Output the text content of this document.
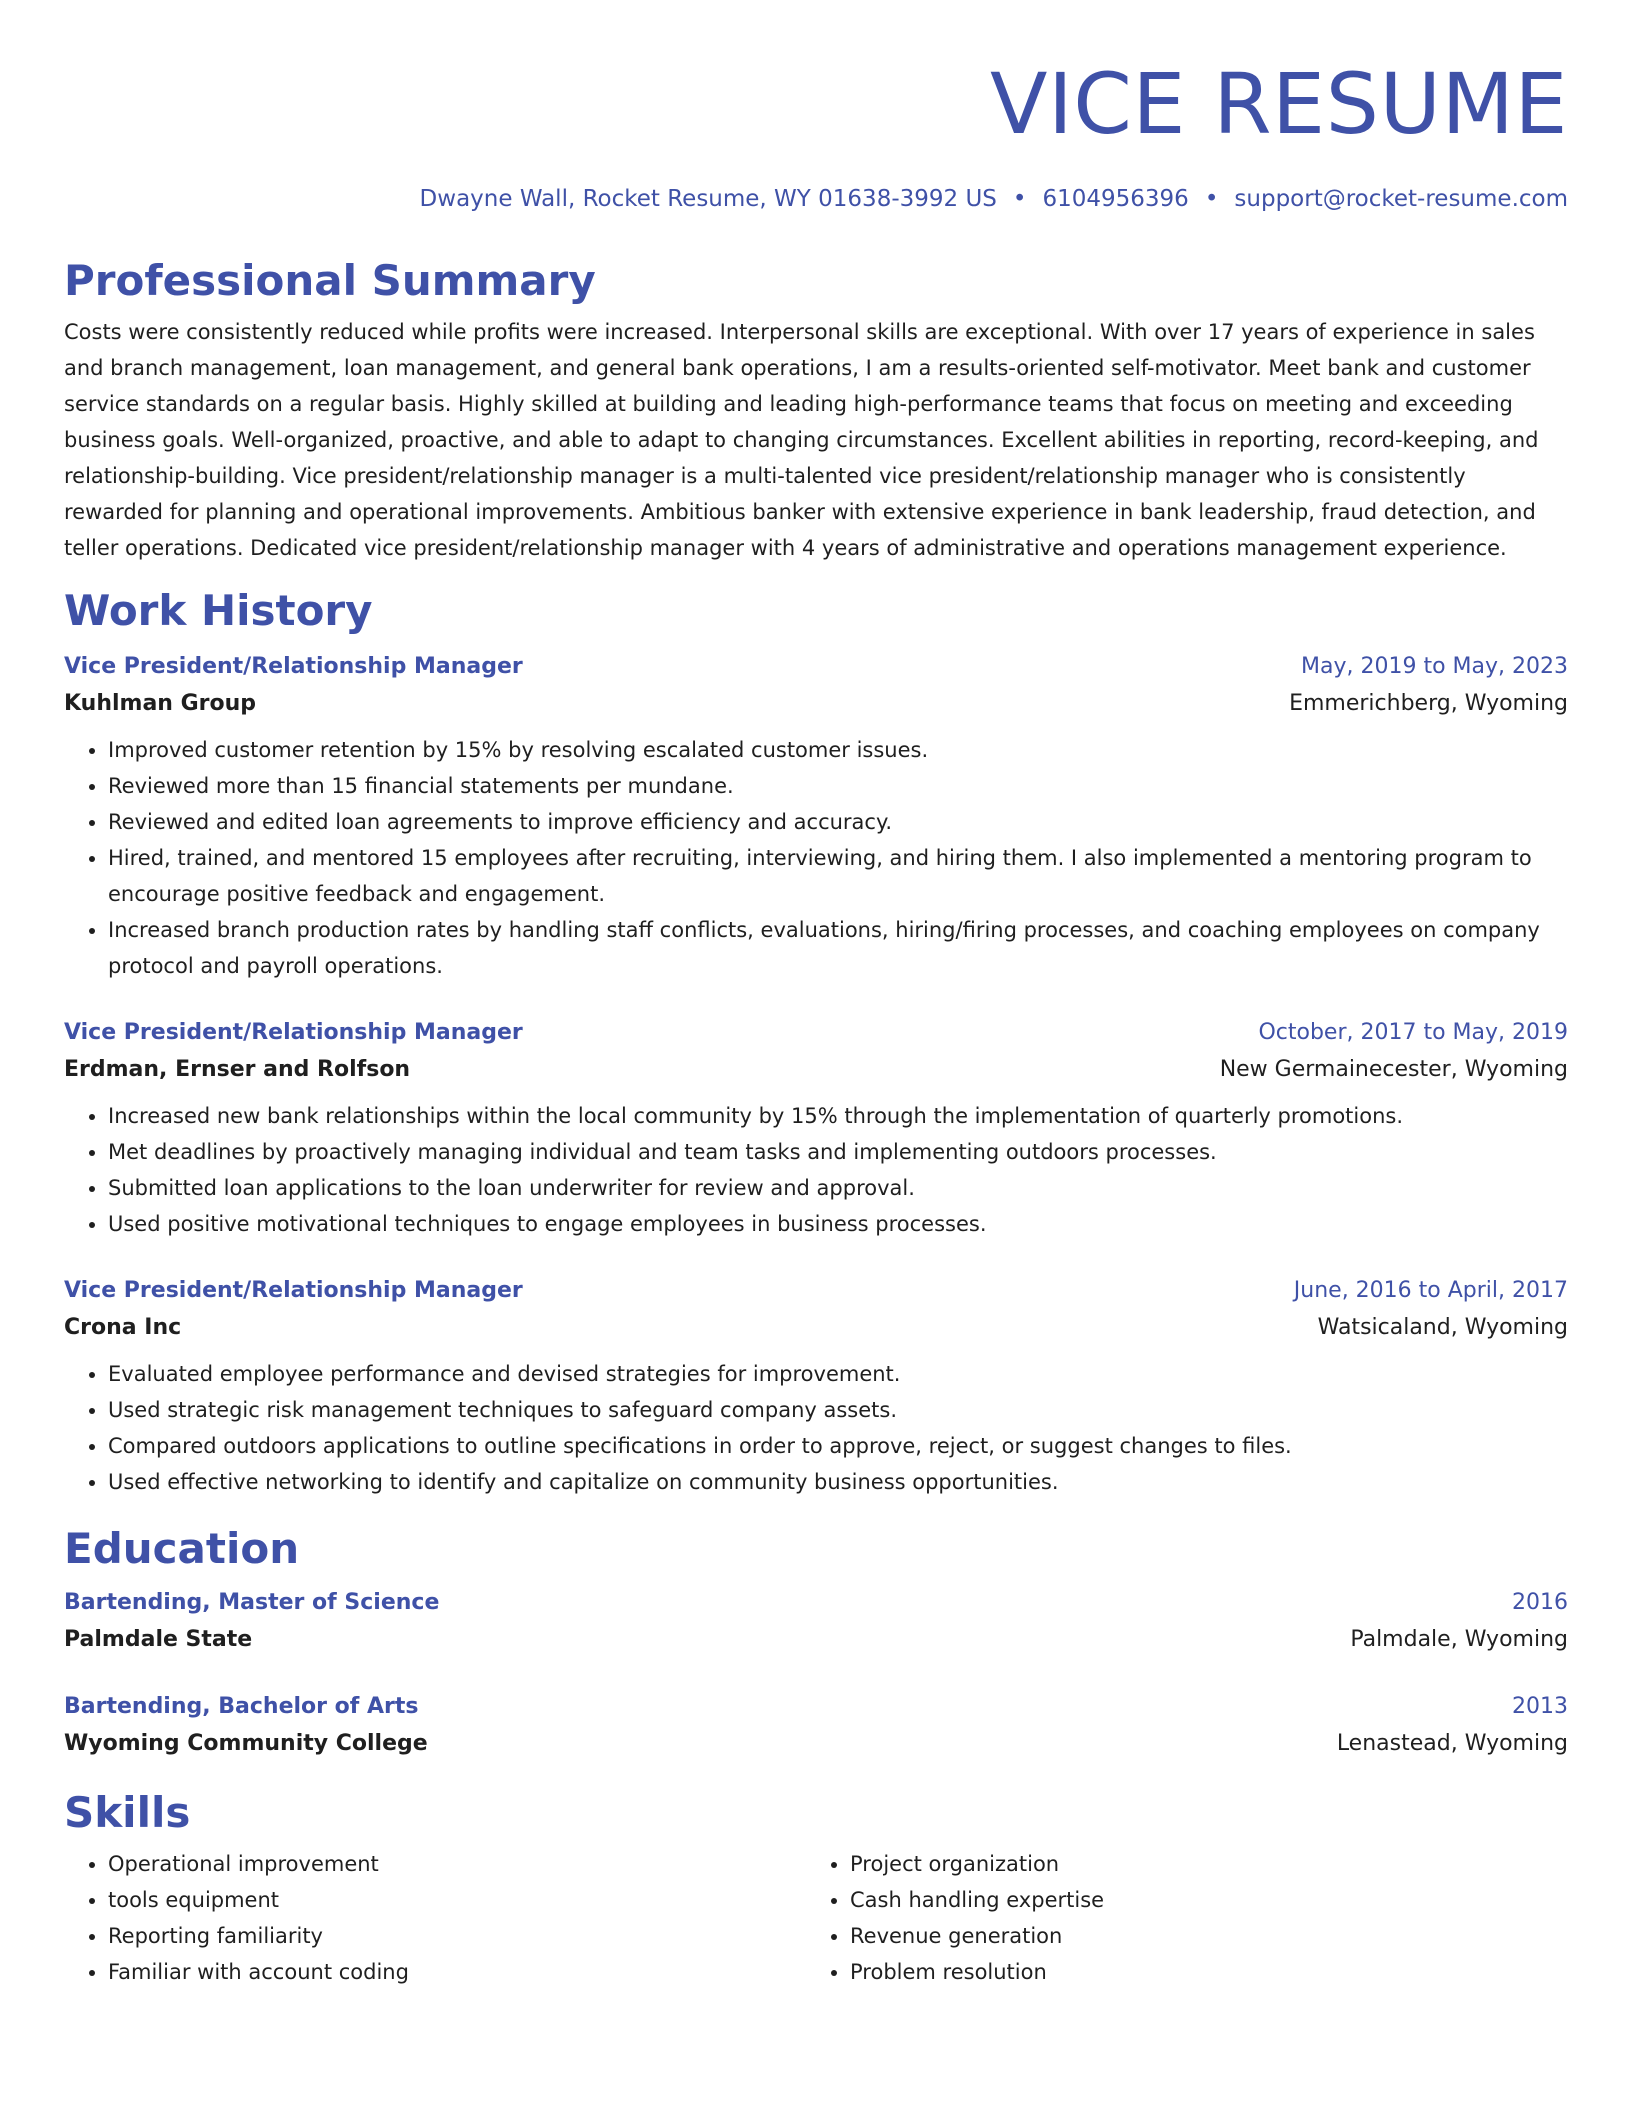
VICE RESUME
Dwayne Wall, Rocket Resume, WY 01638-3992 US • 6104956396 • support@rocket-resume.com
Professional Summary
Costs were consistently reduced while profits were increased. Interpersonal skills are exceptional. With over 17 years of experience in sales and branch management, loan management, and general bank operations, I am a results-oriented self-motivator. Meet bank and customer service standards on a regular basis. Highly skilled at building and leading high-performance teams that focus on meeting and exceeding business goals. Well-organized, proactive, and able to adapt to changing circumstances. Excellent abilities in reporting, record-keeping, and relationship-building. Vice president/relationship manager is a multi-talented vice president/relationship manager who is consistently rewarded for planning and operational improvements. Ambitious banker with extensive experience in bank leadership, fraud detection, and teller operations. Dedicated vice president/relationship manager with 4 years of administrative and operations management experience.
Work History
Vice President/Relationship Manager	May, 2019 to May, 2023
Kuhlman Group	Emmerichberg, Wyoming
• Improved customer retention by 15% by resolving escalated customer issues.
• Reviewed more than 15 financial statements per mundane.
• Reviewed and edited loan agreements to improve efficiency and accuracy.
• Hired, trained, and mentored 15 employees after recruiting, interviewing, and hiring them. I also implemented a mentoring program to encourage positive feedback and engagement.
• Increased branch production rates by handling staff conflicts, evaluations, hiring/firing processes, and coaching employees on company protocol and payroll operations.
Vice President/Relationship Manager	October, 2017 to May, 2019
Erdman, Ernser and Rolfson	New Germainecester, Wyoming
• Increased new bank relationships within the local community by 15% through the implementation of quarterly promotions.
• Met deadlines by proactively managing individual and team tasks and implementing outdoors processes.
• Submitted loan applications to the loan underwriter for review and approval.
• Used positive motivational techniques to engage employees in business processes.
Vice President/Relationship Manager	June, 2016 to April, 2017
Crona Inc	Watsicaland, Wyoming
• Evaluated employee performance and devised strategies for improvement.
• Used strategic risk management techniques to safeguard company assets.
• Compared outdoors applications to outline specifications in order to approve, reject, or suggest changes to files.
• Used effective networking to identify and capitalize on community business opportunities.
Education
Bartending, Master of Science	2016
Palmdale State	Palmdale, Wyoming
Bartending, Bachelor of Arts	2013
Wyoming Community College	Lenastead, Wyoming
Skills
• Operational improvement
• tools equipment
• Reporting familiarity
• Familiar with account coding
• Project organization
• Cash handling expertise
• Revenue generation
• Problem resolution
